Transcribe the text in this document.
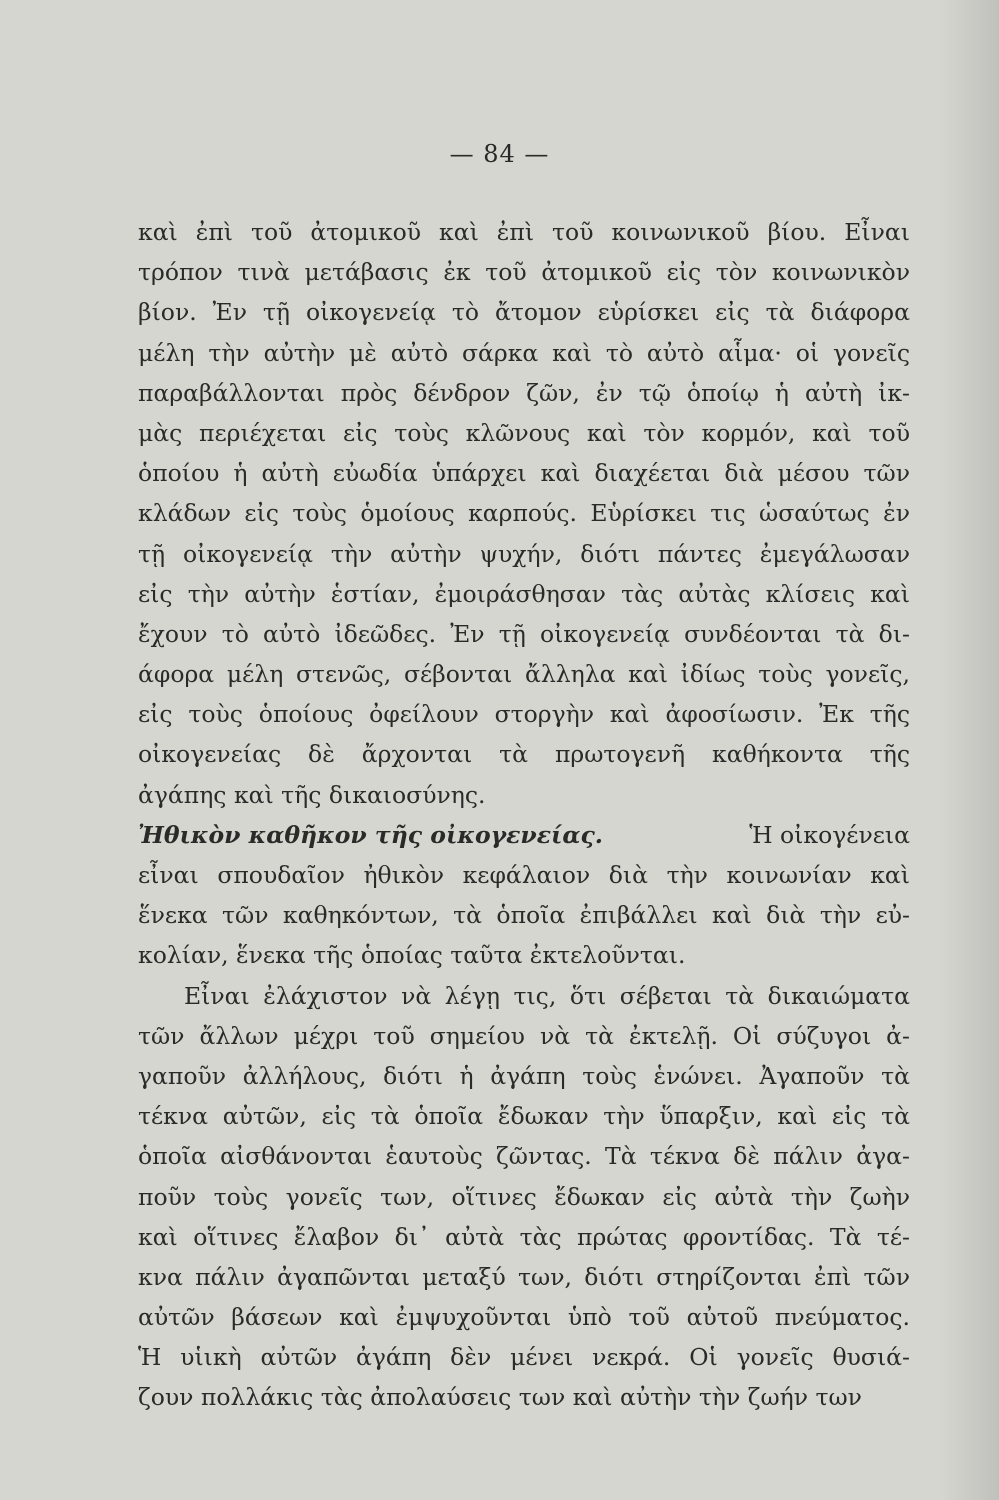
— 84 —
καὶ ἐπὶ τοῦ ἀτομικοῦ καὶ ἐπὶ τοῦ κοινωνικοῦ βίου. Εἶναι
τρόπον τινὰ μετάβασις ἐκ τοῦ ἀτομικοῦ εἰς τὸν κοινωνικὸν
βίον. Ἐν τῇ οἰκογενείᾳ τὸ ἄτομον εὑρίσκει εἰς τὰ διάφορα
μέλη τὴν αὐτὴν μὲ αὐτὸ σάρκα καὶ τὸ αὐτὸ αἷμα· οἱ γονεῖς
παραβάλλονται πρὸς δένδρον ζῶν, ἐν τῷ ὁποίῳ ἡ αὐτὴ ἰκ-
μὰς περιέχεται εἰς τοὺς κλῶνους καὶ τὸν κορμόν, καὶ τοῦ
ὁποίου ἡ αὐτὴ εὐωδία ὑπάρχει καὶ διαχέεται διὰ μέσου τῶν
κλάδων εἰς τοὺς ὁμοίους καρπούς. Εὑρίσκει τις ὡσαύτως ἐν
τῇ οἰκογενείᾳ τὴν αὐτὴν ψυχήν, διότι πάντες ἐμεγάλωσαν
εἰς τὴν αὐτὴν ἑστίαν, ἐμοιράσθησαν τὰς αὐτὰς κλίσεις καὶ
ἔχουν τὸ αὐτὸ ἰδεῶδες. Ἐν τῇ οἰκογενείᾳ συνδέονται τὰ δι-
άφορα μέλη στενῶς, σέβονται ἄλληλα καὶ ἰδίως τοὺς γονεῖς,
εἰς τοὺς ὁποίους ὀφείλουν στοργὴν καὶ ἀφοσίωσιν. Ἐκ τῆς
οἰκογενείας δὲ ἄρχονται τὰ πρωτογενῆ καθήκοντα τῆς
ἀγάπης καὶ τῆς δικαιοσύνης.
Ἠθικὸν καθῆκον τῆς οἰκογενείας.	Ἡ οἰκογένεια
εἶναι σπουδαῖον ἠθικὸν κεφάλαιον διὰ τὴν κοινωνίαν καὶ
ἕνεκα τῶν καθηκόντων, τὰ ὁποῖα ἐπιβάλλει καὶ διὰ τὴν εὐ-
κολίαν, ἕνεκα τῆς ὁποίας ταῦτα ἐκτελοῦνται.
Εἶναι ἐλάχιστον νὰ λέγῃ τις, ὅτι σέβεται τὰ δικαιώματα
τῶν ἄλλων μέχρι τοῦ σημείου νὰ τὰ ἐκτελῇ. Οἱ σύζυγοι ἀ-
γαποῦν ἀλλήλους, διότι ἡ ἀγάπη τοὺς ἑνώνει. Ἀγαποῦν τὰ
τέκνα αὐτῶν, εἰς τὰ ὁποῖα ἔδωκαν τὴν ὕπαρξιν, καὶ εἰς τὰ
ὁποῖα αἰσθάνονται ἑαυτοὺς ζῶντας. Τὰ τέκνα δὲ πάλιν ἀγα-
ποῦν τοὺς γονεῖς των, οἵτινες ἔδωκαν εἰς αὐτὰ τὴν ζωὴν
καὶ οἵτινες ἔλαβον δι᾽ αὐτὰ τὰς πρώτας φροντίδας. Τὰ τέ-
κνα πάλιν ἀγαπῶνται μεταξύ των, διότι στηρίζονται ἐπὶ τῶν
αὐτῶν βάσεων καὶ ἐμψυχοῦνται ὑπὸ τοῦ αὐτοῦ πνεύματος.
Ἡ υἱικὴ αὐτῶν ἀγάπη δὲν μένει νεκρά. Οἱ γονεῖς θυσιά-
ζουν πολλάκις τὰς ἀπολαύσεις των καὶ αὐτὴν τὴν ζωήν των
